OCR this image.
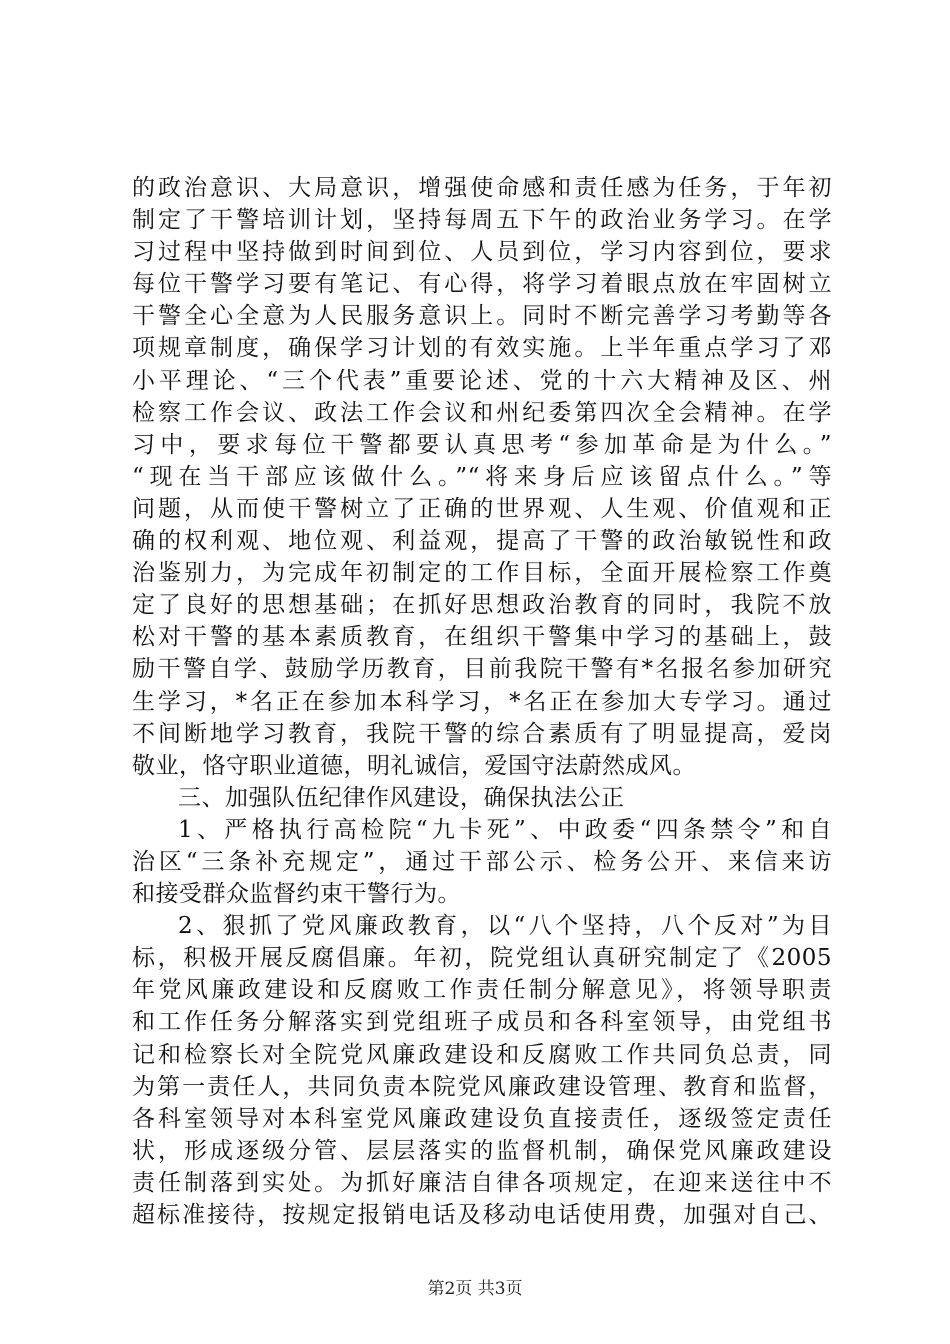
的政治意识、大局意识，增强使命感和责任感为任务，于年初
制定了干警培训计划，坚持每周五下午的政治业务学习。在学
习过程中坚持做到时间到位、人员到位，学习内容到位，要求
每位干警学习要有笔记、有心得，将学习着眼点放在牢固树立
干警全心全意为人民服务意识上。同时不断完善学习考勤等各
项规章制度，确保学习计划的有效实施。上半年重点学习了邓
小平理论、“三个代表”重要论述、党的十六大精神及区、州
检察工作会议、政法工作会议和州纪委第四次全会精神。在学
习中，要求每位干警都要认真思考“参加革命是为什么。”
“现在当干部应该做什么。”“将来身后应该留点什么。”等
问题，从而使干警树立了正确的世界观、人生观、价值观和正
确的权利观、地位观、利益观，提高了干警的政治敏锐性和政
治鉴别力，为完成年初制定的工作目标，全面开展检察工作奠
定了良好的思想基础；在抓好思想政治教育的同时，我院不放
松对干警的基本素质教育，在组织干警集中学习的基础上，鼓
励干警自学、鼓励学历教育，目前我院干警有*名报名参加研究
生学习，*名正在参加本科学习，*名正在参加大专学习。通过
不间断地学习教育，我院干警的综合素质有了明显提高，爱岗
敬业，恪守职业道德，明礼诚信，爱国守法蔚然成风。
三、加强队伍纪律作风建设，确保执法公正
1、严格执行高检院“九卡死”、中政委“四条禁令”和自
治区“三条补充规定”，通过干部公示、检务公开、来信来访
和接受群众监督约束干警行为。
2、狠抓了党风廉政教育，以“八个坚持，八个反对”为目
标，积极开展反腐倡廉。年初，院党组认真研究制定了《2005
年党风廉政建设和反腐败工作责任制分解意见》，将领导职责
和工作任务分解落实到党组班子成员和各科室领导，由党组书
记和检察长对全院党风廉政建设和反腐败工作共同负总责，同
为第一责任人，共同负责本院党风廉政建设管理、教育和监督，
各科室领导对本科室党风廉政建设负直接责任，逐级签定责任
状，形成逐级分管、层层落实的监督机制，确保党风廉政建设
责任制落到实处。为抓好廉洁自律各项规定，在迎来送往中不
超标准接待，按规定报销电话及移动电话使用费，加强对自己、
第2页 共3页
